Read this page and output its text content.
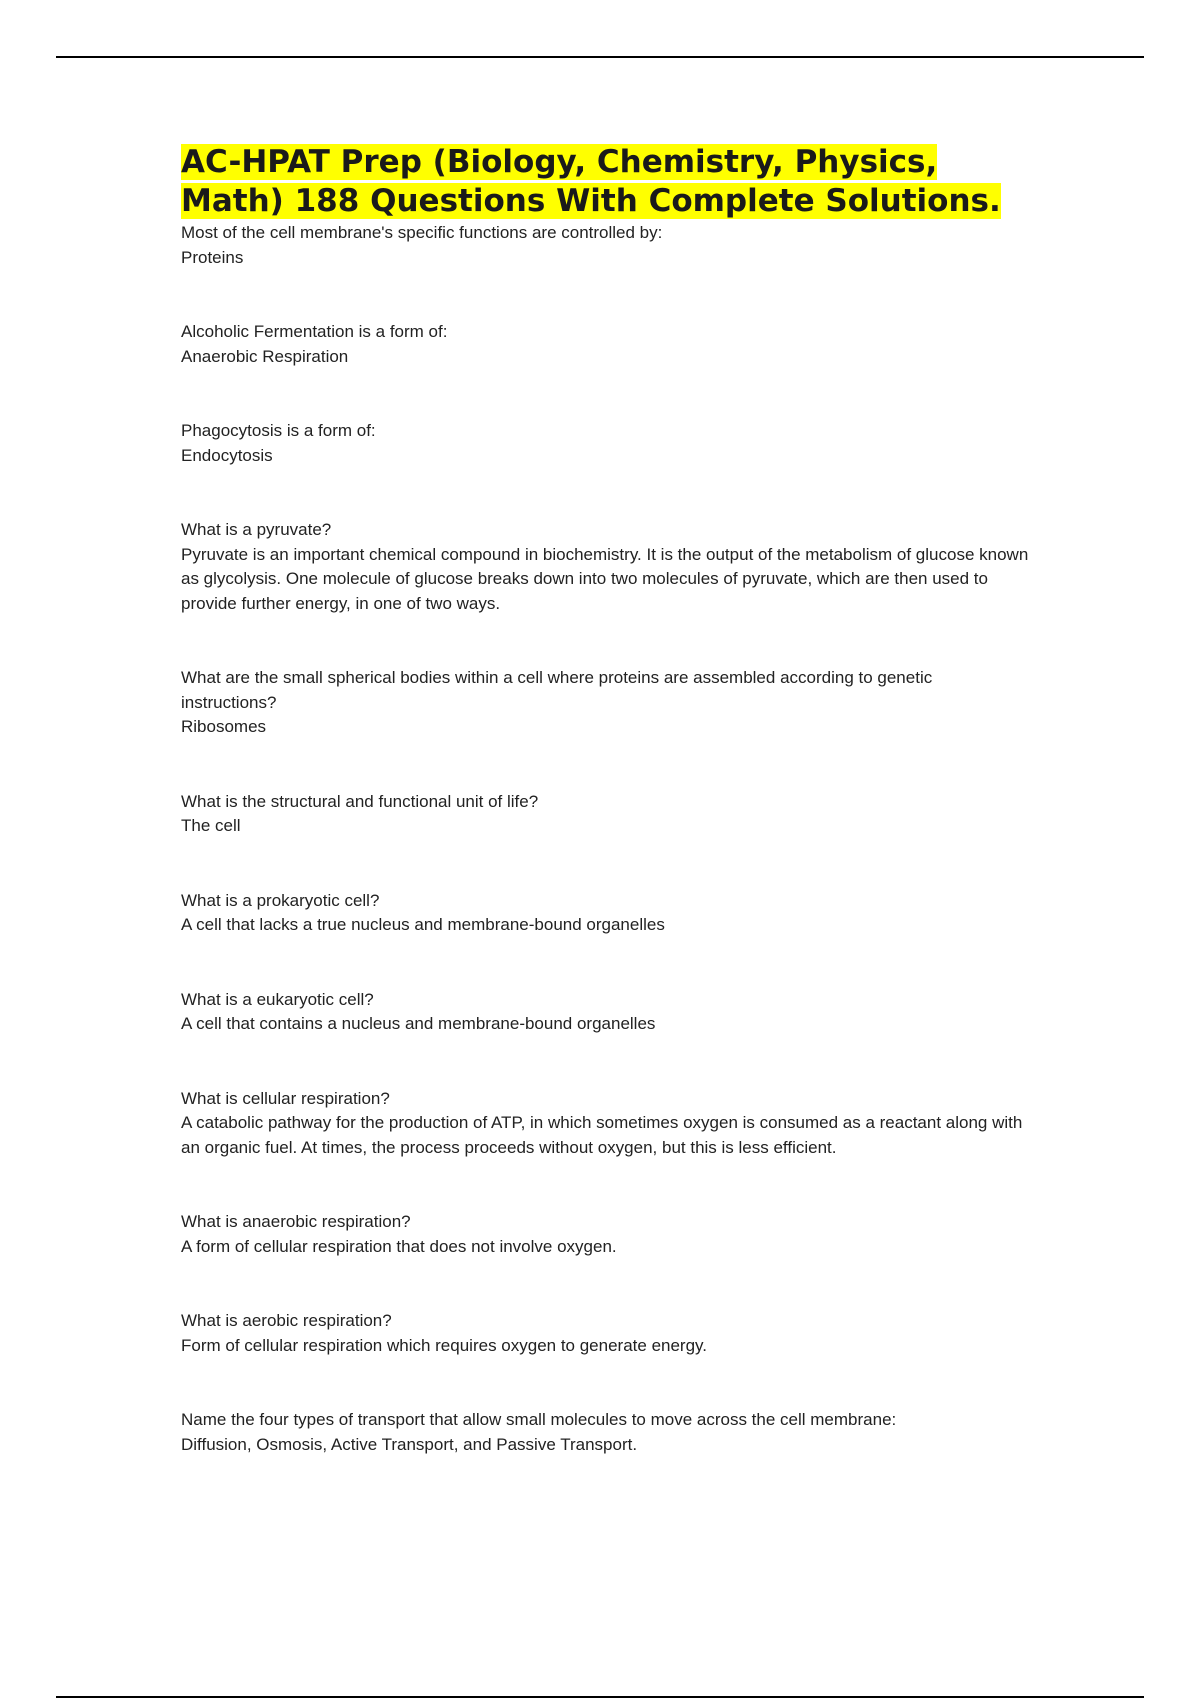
AC-HPAT Prep (Biology, Chemistry, Physics, Math) 188 Questions With Complete Solutions.
Most of the cell membrane's specific functions are controlled by:
Proteins
Alcoholic Fermentation is a form of:
Anaerobic Respiration
Phagocytosis is a form of:
Endocytosis
What is a pyruvate?
Pyruvate is an important chemical compound in biochemistry. It is the output of the metabolism of glucose known as glycolysis. One molecule of glucose breaks down into two molecules of pyruvate, which are then used to provide further energy, in one of two ways.
What are the small spherical bodies within a cell where proteins are assembled according to genetic instructions?
Ribosomes
What is the structural and functional unit of life?
The cell
What is a prokaryotic cell?
A cell that lacks a true nucleus and membrane-bound organelles
What is a eukaryotic cell?
A cell that contains a nucleus and membrane-bound organelles
What is cellular respiration?
A catabolic pathway for the production of ATP, in which sometimes oxygen is consumed as a reactant along with an organic fuel. At times, the process proceeds without oxygen, but this is less efficient.
What is anaerobic respiration?
A form of cellular respiration that does not involve oxygen.
What is aerobic respiration?
Form of cellular respiration which requires oxygen to generate energy.
Name the four types of transport that allow small molecules to move across the cell membrane:
Diffusion, Osmosis, Active Transport, and Passive Transport.
